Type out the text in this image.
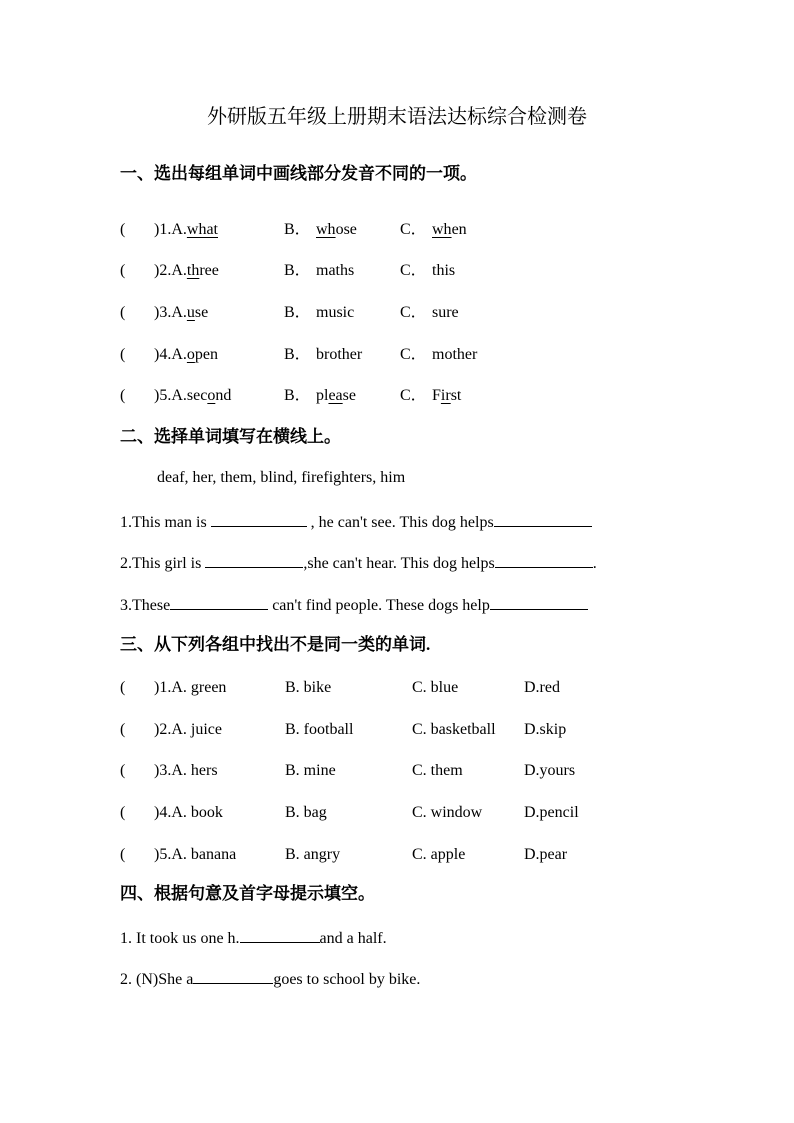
外研版五年级上册期末语法达标综合检测卷
一、选出每组单词中画线部分发音不同的一项。
( )1.A.what	B． whose	C． when
( )2.A.three	B． maths	C． this
( )3.A.use	B． music	C． sure
( )4.A.open	B． brother C． mother
( )5.A.second	B． please	C． First
二、选择单词填写在横线上。
deaf, her, them, blind, firefighters, him
1.This man is	, he can't see. This dog helps
2.This girl is	,she can't hear. This dog helps	.
3.These	can't find people. These dogs help
三、从下列各组中找出不是同一类的单词.
( )1.A. green	B. bike	C. blue	D.red
( )2.A. juice	B. football	C. basketball D.skip
( )3.A. hers	B. mine	C. them	D.yours
( )4.A. book	B. bag	C. window	D.pencil
( )5.A. banana	B. angry	C. apple	D.pear
四、根据句意及首字母提示填空。
1. It took us one h.	and a half.
2. (N)She a	goes to school by bike.
